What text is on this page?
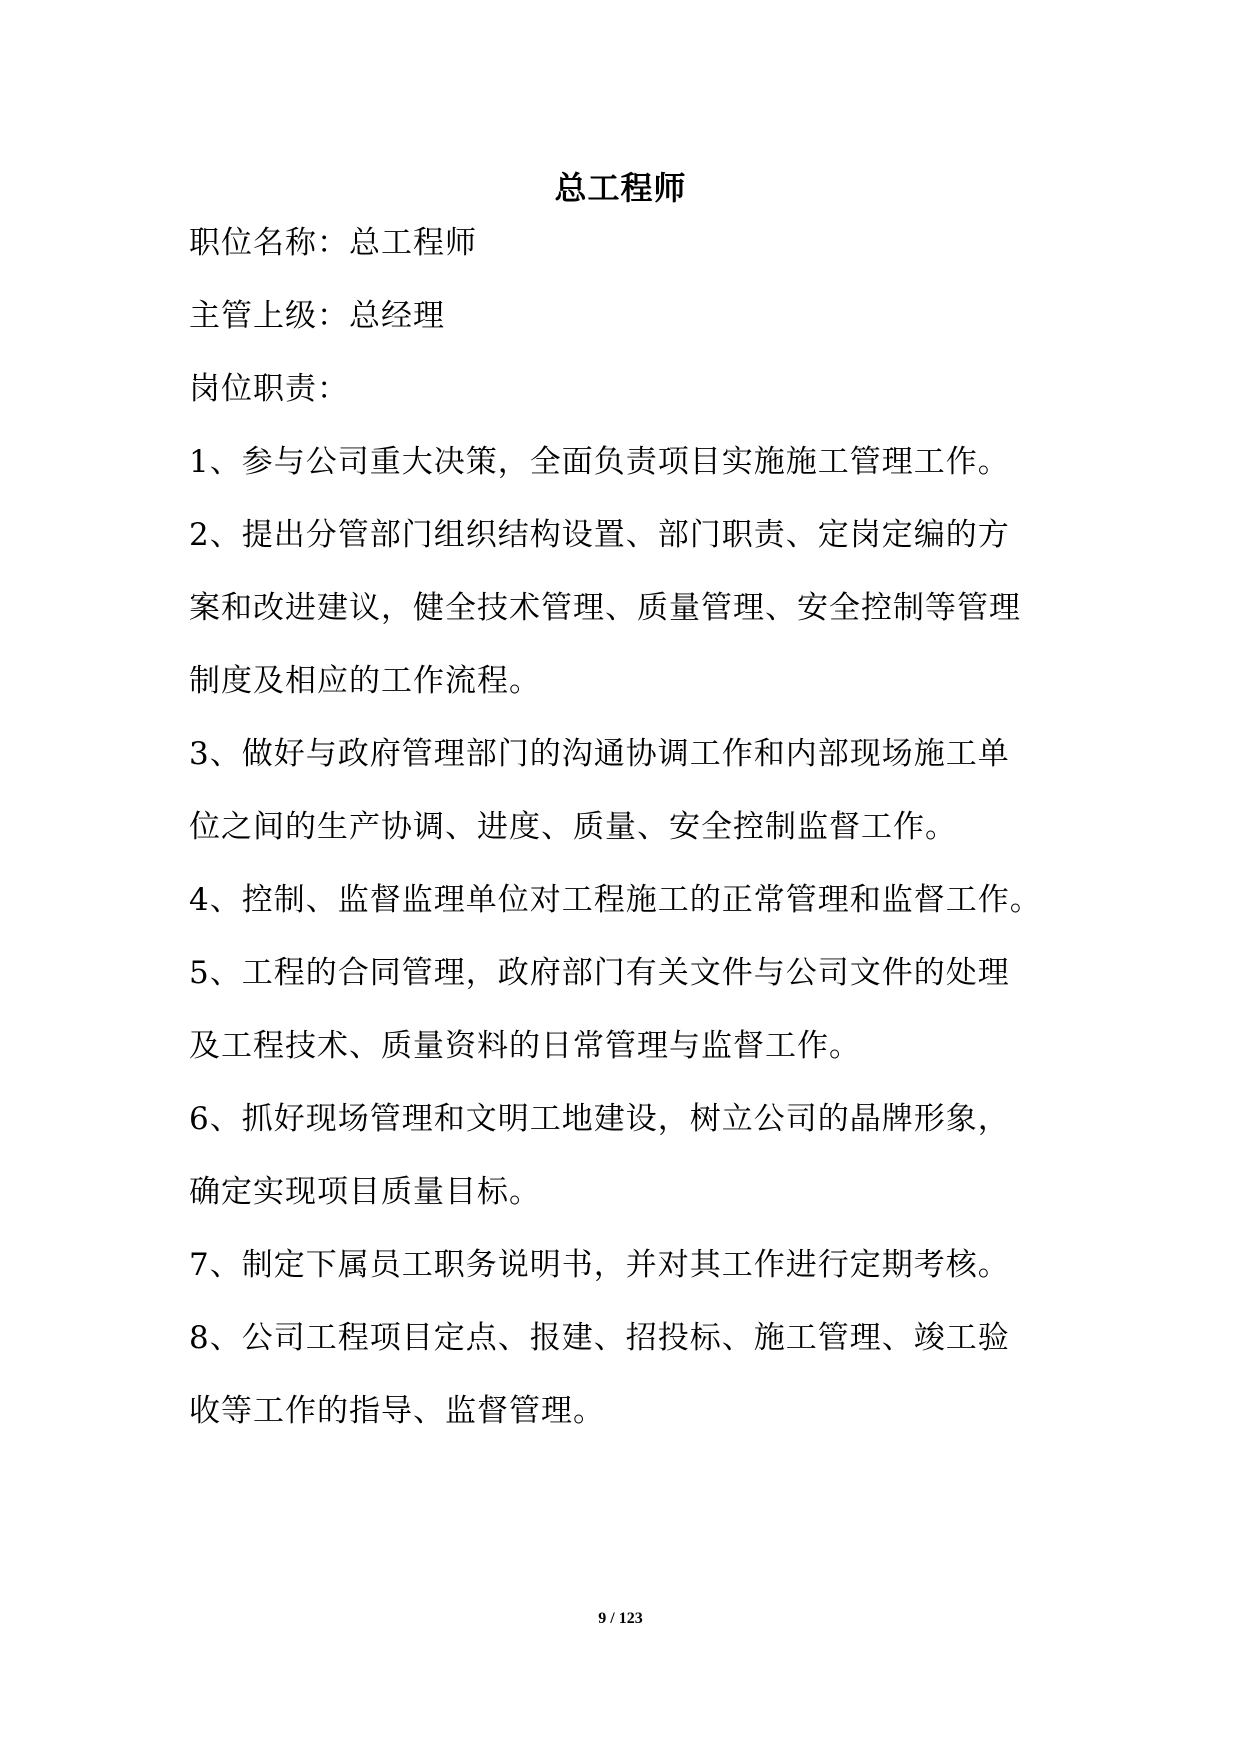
总工程师
职位名称：总工程师
主管上级：总经理
岗位职责：
1、参与公司重大决策，全面负责项目实施施工管理工作。
2、提出分管部门组织结构设置、部门职责、定岗定编的方
案和改进建议，健全技术管理、质量管理、安全控制等管理
制度及相应的工作流程。
3、做好与政府管理部门的沟通协调工作和内部现场施工单
位之间的生产协调、进度、质量、安全控制监督工作。
4、控制、监督监理单位对工程施工的正常管理和监督工作。
5、工程的合同管理，政府部门有关文件与公司文件的处理
及工程技术、质量资料的日常管理与监督工作。
6、抓好现场管理和文明工地建设，树立公司的晶牌形象，
确定实现项目质量目标。
7、制定下属员工职务说明书，并对其工作进行定期考核。
8、公司工程项目定点、报建、招投标、施工管理、竣工验
收等工作的指导、监督管理。
9 / 123
